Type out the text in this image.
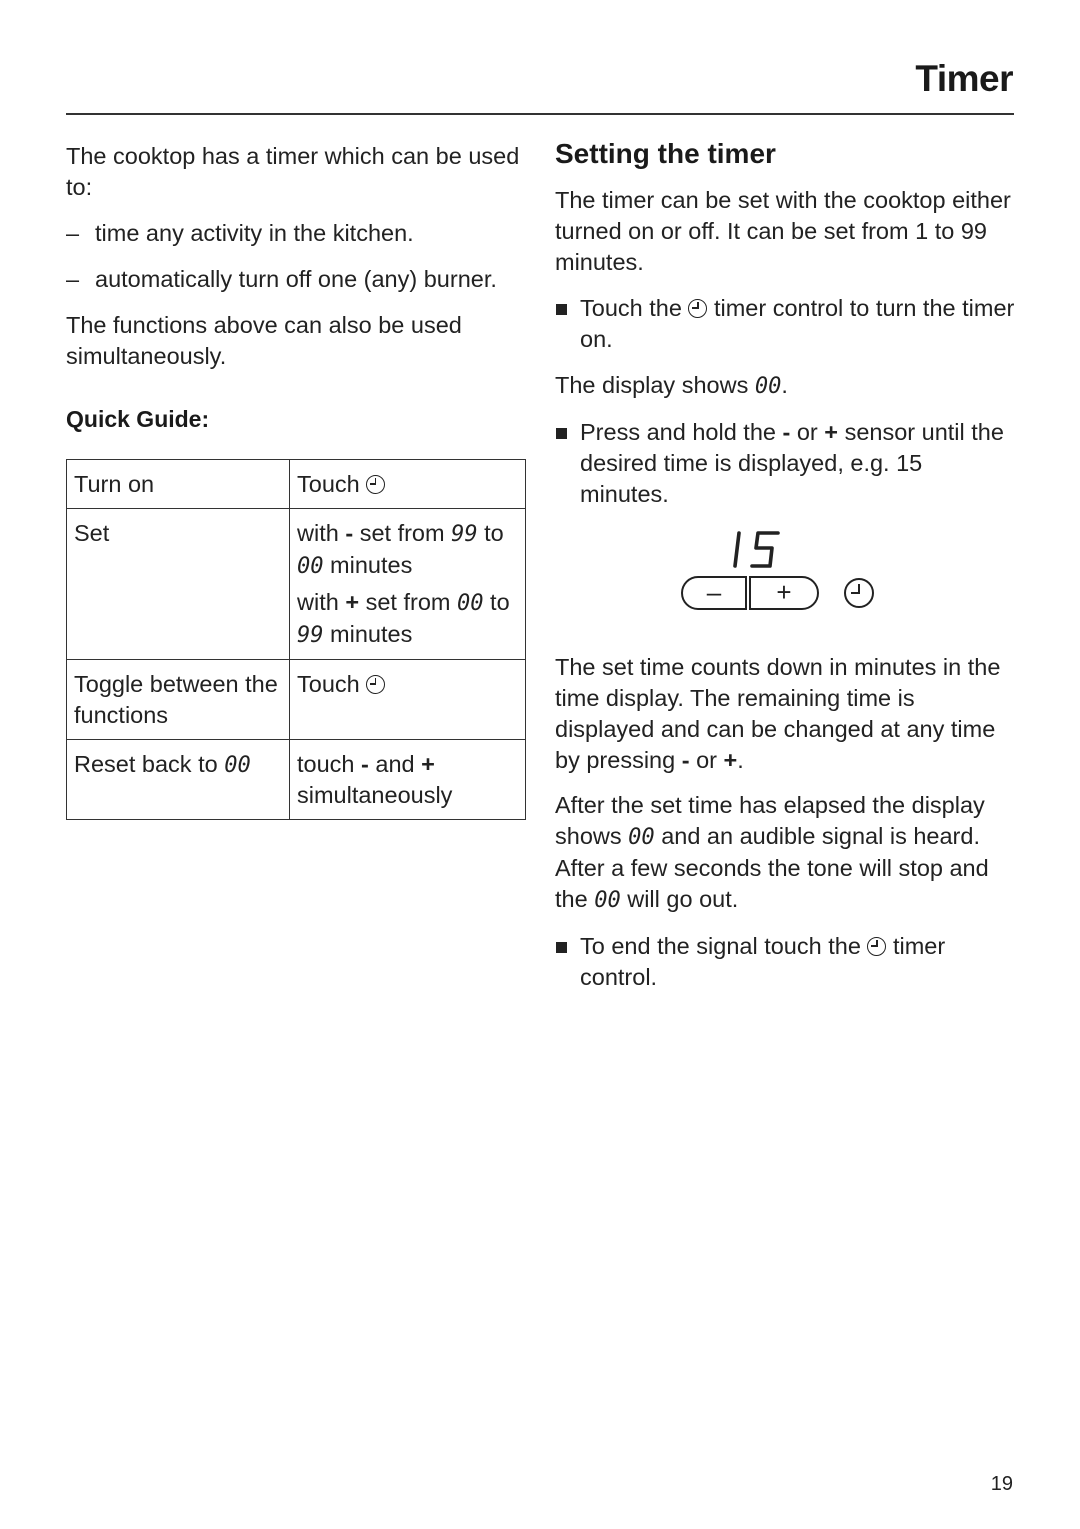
Timer

The cooktop has a timer which can be used to:

– time any activity in the kitchen.
– automatically turn off one (any) burner.

The functions above can also be used simultaneously.

Quick Guide:
Turn on	Touch
Set	with - set from 99 to 00 minutes
with + set from 00 to 99 minutes

Toggle between the functions	Touch
Reset back to 00	touch - and +
simultaneously
Setting the timer

The timer can be set with the cooktop either turned on or off. It can be set from 1 to 99 minutes.

Touch the timer control to turn the timer on.

The display shows 00.

Press and hold the - or + sensor until the desired time is displayed, e.g. 15 minutes.
–	+

The set time counts down in minutes in the time display. The remaining time is displayed and can be changed at any time by pressing - or +.

After the set time has elapsed the display shows 00 and an audible signal is heard. After a few seconds the tone will stop and the 00 will go out.

To end the signal touch the timer control.
19
